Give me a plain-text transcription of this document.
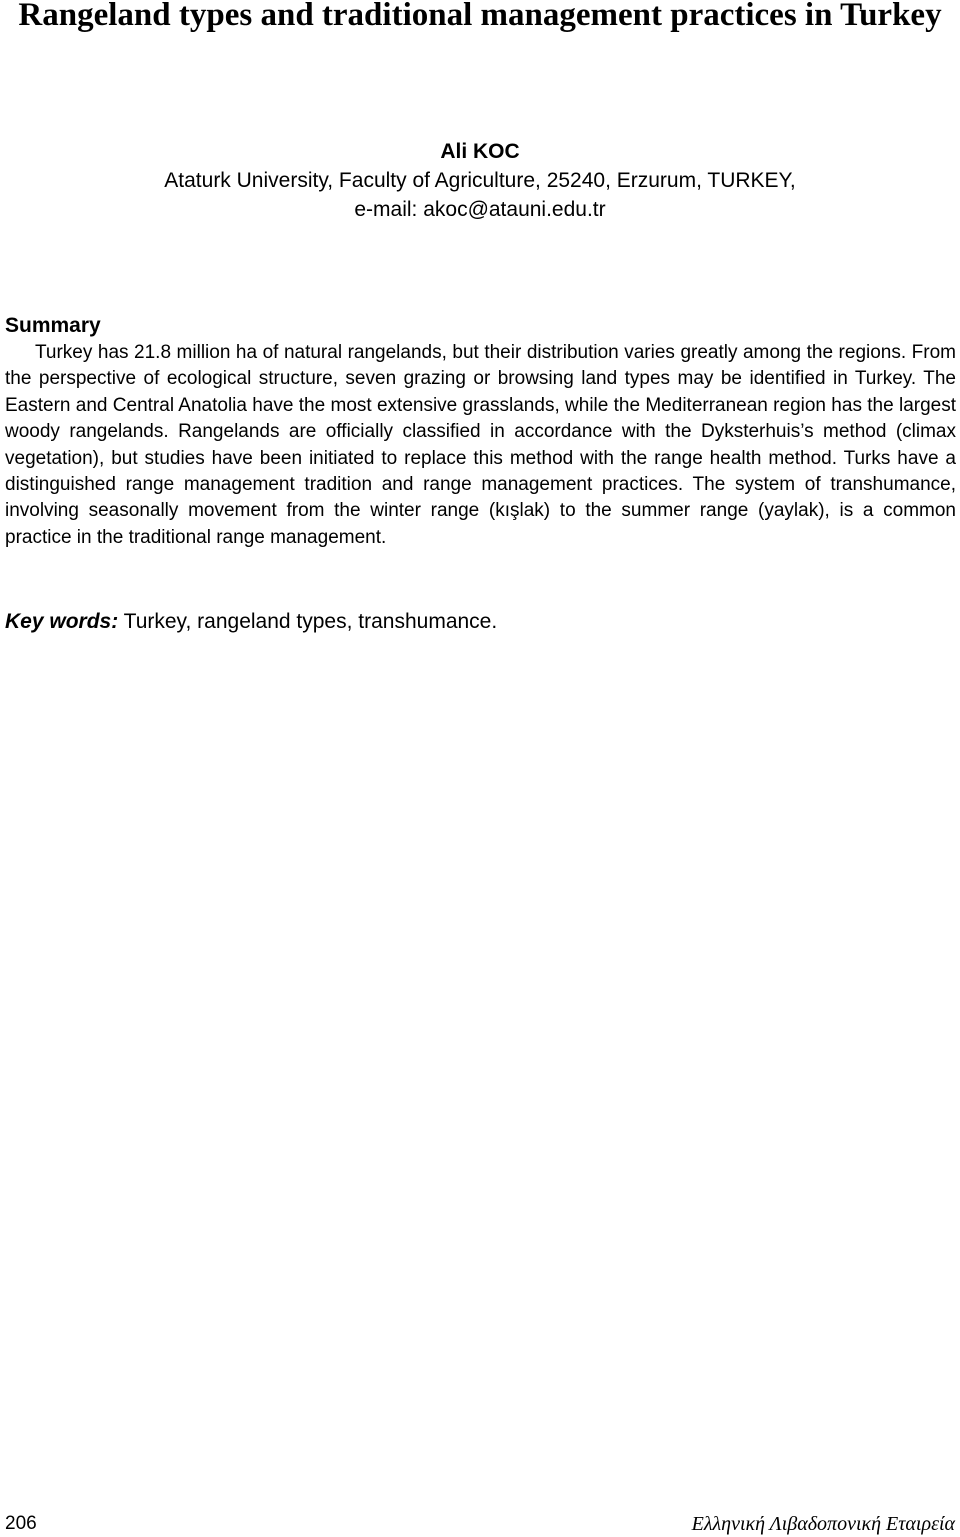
Rangeland types and traditional management practices in Turkey
Ali KOC
Ataturk University, Faculty of Agriculture, 25240, Erzurum, TURKEY,
e-mail: akoc@atauni.edu.tr
Summary

Turkey has 21.8 million ha of natural rangelands, but their distribution varies greatly among the regions. From the perspective of ecological structure, seven grazing or browsing land types may be identified in Turkey. The Eastern and Central Anatolia have the most extensive grasslands, while the Mediterranean region has the largest woody rangelands. Rangelands are officially classified in accordance with the Dyksterhuis’s method (climax vegetation), but studies have been initiated to replace this method with the range health method. Turks have a distinguished range management tradition and range management practices. The system of transhumance, involving seasonally movement from the winter range (kışlak) to the summer range (yaylak), is a common practice in the traditional range management.

Key words: Turkey, rangeland types, transhumance.

206	Ελληνική Λιβαδοπονική Εταιρεία
